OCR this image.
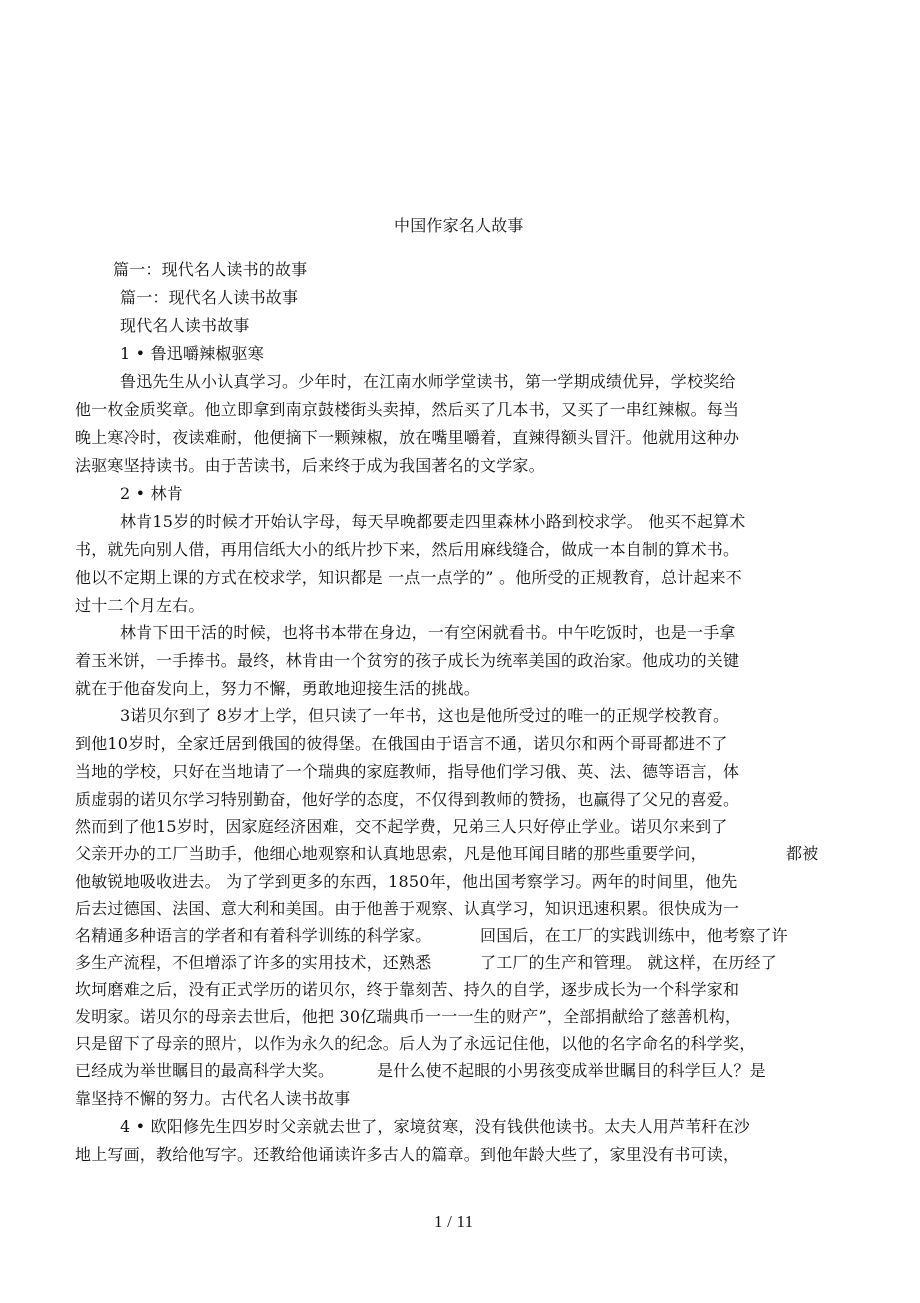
中国作家名人故事
篇一：现代名人读书的故事
篇一：现代名人读书故事
现代名人读书故事
1 • 鲁迅嚼辣椒驱寒
鲁迅先生从小认真学习。少年时，在江南水师学堂读书，第一学期成绩优异，学校奖给
他一枚金质奖章。他立即拿到南京鼓楼街头卖掉，然后买了几本书，又买了一串红辣椒。每当
晚上寒冷时，夜读难耐，他便摘下一颗辣椒，放在嘴里嚼着，直辣得额头冒汗。他就用这种办
法驱寒坚持读书。由于苦读书，后来终于成为我国著名的文学家。
2 • 林肯
林肯15岁的时候才开始认字母，每天早晚都要走四里森林小路到校求学。 他买不起算术
书，就先向别人借，再用信纸大小的纸片抄下来，然后用麻线缝合，做成一本自制的算术书。
他以不定期上课的方式在校求学，知识都是 一点一点学的” 。他所受的正规教育，总计起来不
过十二个月左右。
林肯下田干活的时候，也将书本带在身边，一有空闲就看书。中午吃饭时，也是一手拿
着玉米饼，一手捧书。最终，林肯由一个贫穷的孩子成长为统率美国的政治家。他成功的关键
就在于他奋发向上，努力不懈，勇敢地迎接生活的挑战。
3诺贝尔到了 8岁才上学，但只读了一年书，这也是他所受过的唯一的正规学校教育。
到他10岁时，全家迁居到俄国的彼得堡。在俄国由于语言不通，诺贝尔和两个哥哥都进不了
当地的学校，只好在当地请了一个瑞典的家庭教师，指导他们学习俄、英、法、德等语言，体
质虚弱的诺贝尔学习特别勤奋，他好学的态度，不仅得到教师的赞扬，也赢得了父兄的喜爱。
然而到了他15岁时，因家庭经济困难，交不起学费，兄弟三人只好停止学业。诺贝尔来到了
父亲开办的工厂当助手，他细心地观察和认真地思索，凡是他耳闻目睹的那些重要学问，	都被
他敏锐地吸收进去。 为了学到更多的东西，1850年，他出国考察学习。两年的时间里，他先
后去过德国、法国、意大利和美国。由于他善于观察、认真学习，知识迅速积累。很快成为一
名精通多种语言的学者和有着科学训练的科学家。	回国后，在工厂的实践训练中，他考察了许
多生产流程，不但增添了许多的实用技术，还熟悉	了工厂的生产和管理。 就这样，在历经了
坎坷磨难之后，没有正式学历的诺贝尔，终于靠刻苦、持久的自学，逐步成长为一个科学家和
发明家。诺贝尔的母亲去世后，他把 30亿瑞典币一一一生的财产”，全部捐献给了慈善机构，
只是留下了母亲的照片，以作为永久的纪念。后人为了永远记住他，以他的名字命名的科学奖，
已经成为举世瞩目的最高科学大奖。	是什么使不起眼的小男孩变成举世瞩目的科学巨人？是
靠坚持不懈的努力。古代名人读书故事
4 • 欧阳修先生四岁时父亲就去世了，家境贫寒，没有钱供他读书。太夫人用芦苇秆在沙
地上写画，教给他写字。还教给他诵读许多古人的篇章。到他年龄大些了，家里没有书可读，
1 / 11
